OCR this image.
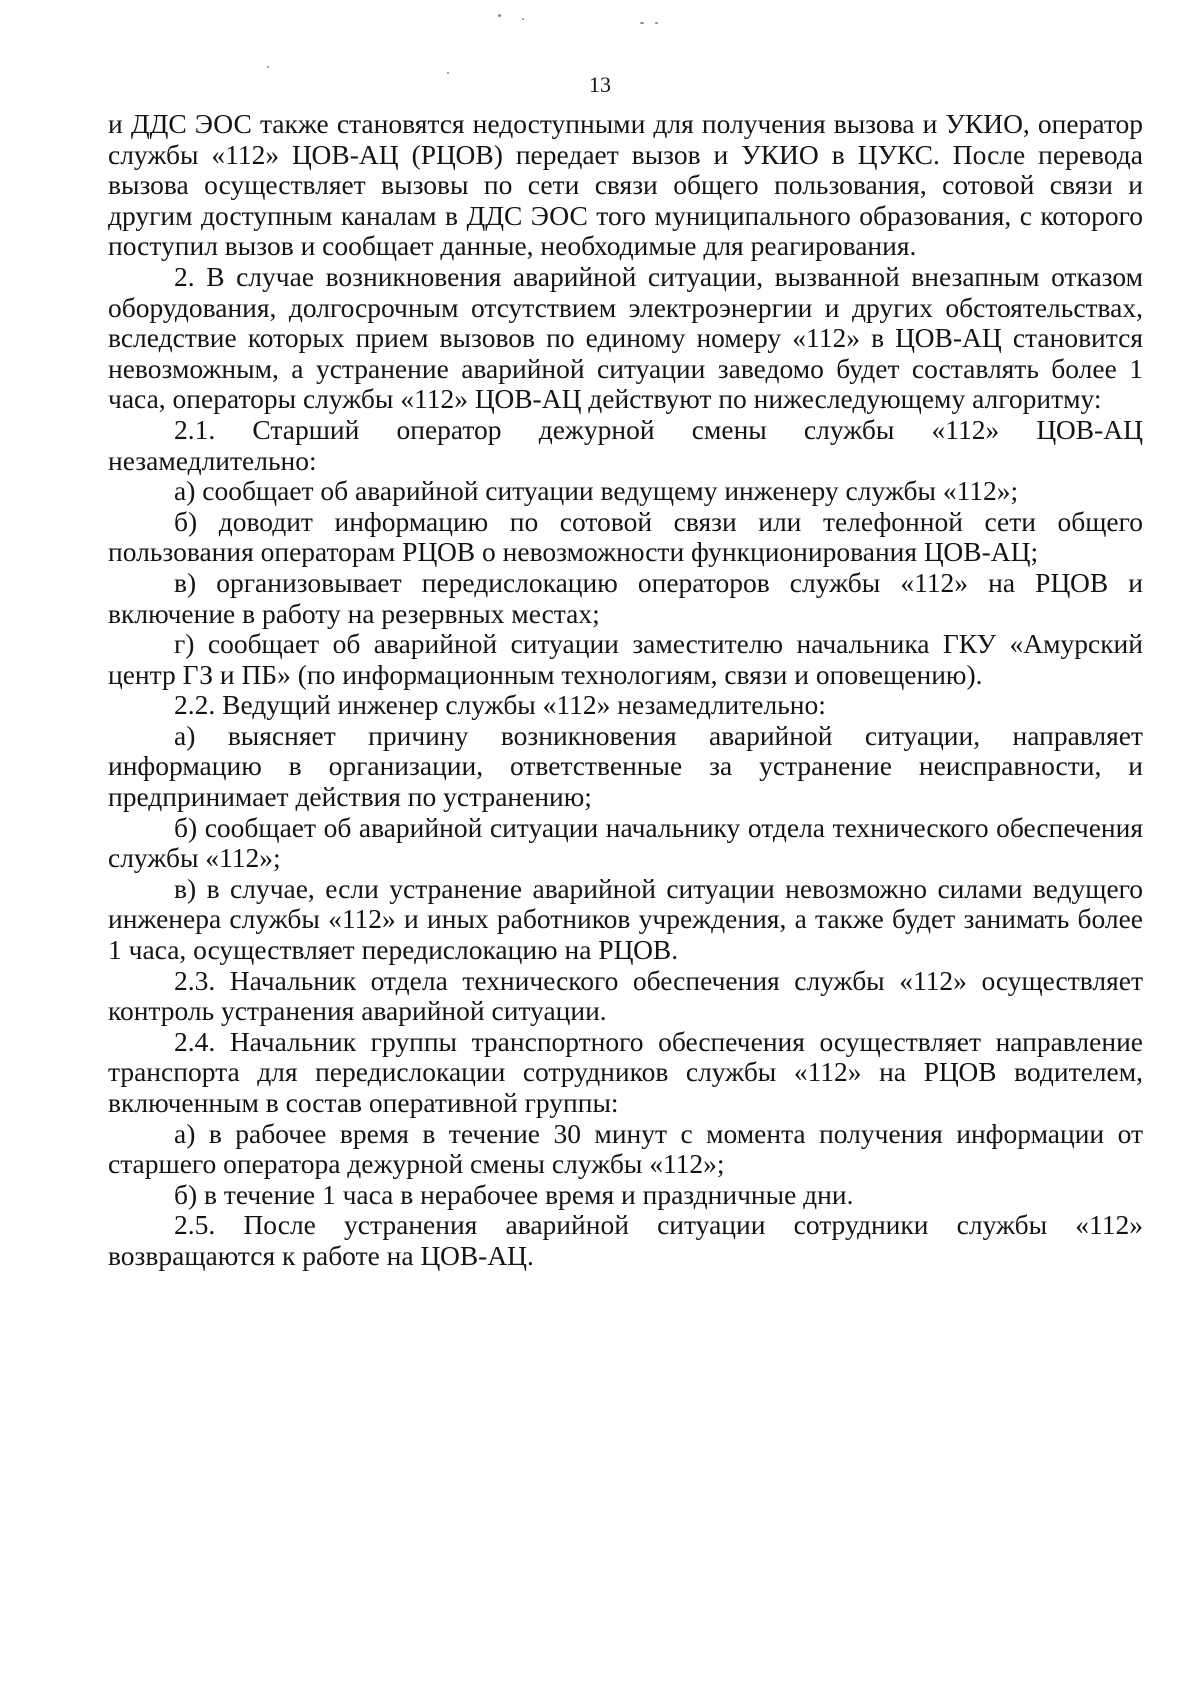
13

и ДДС ЭОС также становятся недоступными для получения вызова и УКИО, оператор службы «112» ЦОВ-АЦ (РЦОВ) передает вызов и УКИО в ЦУКС. После перевода вызова осуществляет вызовы по сети связи общего пользования, сотовой связи и другим доступным каналам в ДДС ЭОС того муниципального образования, с которого поступил вызов и сообщает данные, необходимые для реагирования.

2. В случае возникновения аварийной ситуации, вызванной внезапным отказом оборудования, долгосрочным отсутствием электроэнергии и других обстоятельствах, вследствие которых прием вызовов по единому номеру «112» в ЦОВ-АЦ становится невозможным, а устранение аварийной ситуации заведомо будет составлять более 1 часа, операторы службы «112» ЦОВ-АЦ действуют по нижеследующему алгоритму:

2.1. Старший оператор дежурной смены службы «112» ЦОВ-АЦ незамедлительно:

а) сообщает об аварийной ситуации ведущему инженеру службы «112»;

б) доводит информацию по сотовой связи или телефонной сети общего пользования операторам РЦОВ о невозможности функционирования ЦОВ-АЦ;

в) организовывает передислокацию операторов службы «112» на РЦОВ и включение в работу на резервных местах;

г) сообщает об аварийной ситуации заместителю начальника ГКУ «Амурский центр ГЗ и ПБ» (по информационным технологиям, связи и оповещению).

2.2. Ведущий инженер службы «112» незамедлительно:

а) выясняет причину возникновения аварийной ситуации, направляет информацию в организации, ответственные за устранение неисправности, и предпринимает действия по устранению;

б) сообщает об аварийной ситуации начальнику отдела технического обеспечения службы «112»;

в) в случае, если устранение аварийной ситуации невозможно силами ведущего инженера службы «112» и иных работников учреждения, а также будет занимать более 1 часа, осуществляет передислокацию на РЦОВ.

2.3. Начальник отдела технического обеспечения службы «112» осуществляет контроль устранения аварийной ситуации.

2.4. Начальник группы транспортного обеспечения осуществляет направление транспорта для передислокации сотрудников службы «112» на РЦОВ водителем, включенным в состав оперативной группы:

а) в рабочее время в течение 30 минут с момента получения информации от старшего оператора дежурной смены службы «112»;

б) в течение 1 часа в нерабочее время и праздничные дни.

2.5. После устранения аварийной ситуации сотрудники службы «112» возвращаются к работе на ЦОВ-АЦ.
